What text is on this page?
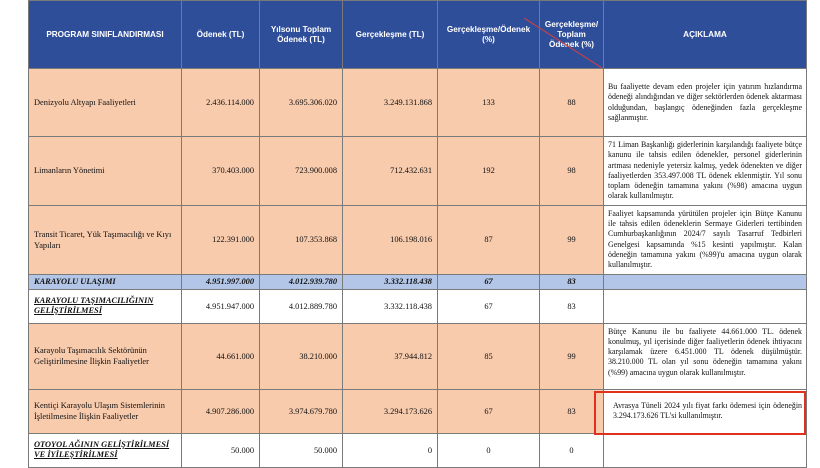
PROGRAM SINIFLANDIRMASI	Ödenek (TL)	Yılsonu Toplam Ödenek (TL)	Gerçekleşme (TL)	Gerçekleşme/Ödenek (%)	Gerçekleşme/ Toplam Ödenek (%)	AÇIKLAMA
Denizyolu Altyapı Faaliyetleri	2.436.114.000	3.695.306.020	3.249.131.868	133	88	Bu faaliyette devam eden projeler için yatırım hızlandırma ödeneği alındığından ve diğer sektörlerden ödenek aktarması olduğundan, başlangıç ödeneğinden fazla gerçekleşme sağlanmıştır.
Limanların Yönetimi	370.403.000	723.900.008	712.432.631	192	98	71 Liman Başkanlığı giderlerinin karşılandığı faaliyete bütçe kanunu ile tahsis edilen ödenekler, personel giderlerinin artması nedeniyle yetersiz kalmış, yedek ödenekten ve diğer faaliyetlerden 353.497.008 TL ödenek eklenmiştir. Yıl sonu toplam ödeneğin tamamına yakını (%98) amacına uygun olarak kullanılmıştır.
Transit Ticaret, Yük Taşımacılığı ve Kıyı Yapıları	122.391.000	107.353.868	106.198.016	87	99	Faaliyet kapsamında yürütülen projeler için Bütçe Kanunu ile tahsis edilen ödeneklerin Sermaye Giderleri tertibinden Cumhurbaşkanlığının 2024/7 sayılı Tasarruf Tedbirleri Genelgesi kapsamında %15 kesinti yapılmıştır. Kalan ödeneğin tamamına yakını (%99)'u amacına uygun olarak kullanılmıştır.
KARAYOLU ULAŞIMI	4.951.997.000	4.012.939.780	3.332.118.438	67	83	
KARAYOLU TAŞIMACILIĞININ GELİŞTİRİLMESİ	4.951.947.000	4.012.889.780	3.332.118.438	67	83	
Karayolu Taşımacılık Sektörünün Geliştirilmesine İlişkin Faaliyetler	44.661.000	38.210.000	37.944.812	85	99	Bütçe Kanunu ile bu faaliyete 44.661.000 TL. ödenek konulmuş, yıl içerisinde diğer faaliyetlerin ödenek ihtiyacını karşılamak üzere 6.451.000 TL ödenek düşülmüştür. 38.210.000 TL olan yıl sonu ödeneğin tamamına yakını (%99) amacına uygun olarak kullanılmıştır.
Kentiçi Karayolu Ulaşım Sistemlerinin İşletilmesine İlişkin Faaliyetler	4.907.286.000	3.974.679.780	3.294.173.626	67	83	Avrasya Tüneli 2024 yılı fiyat farkı ödemesi için ödeneğin 3.294.173.626 TL'si kullanılmıştır.
OTOYOL AĞININ GELİŞTİRİLMESİ VE İYİLEŞTİRİLMESİ	50.000	50.000	0	0	0	
